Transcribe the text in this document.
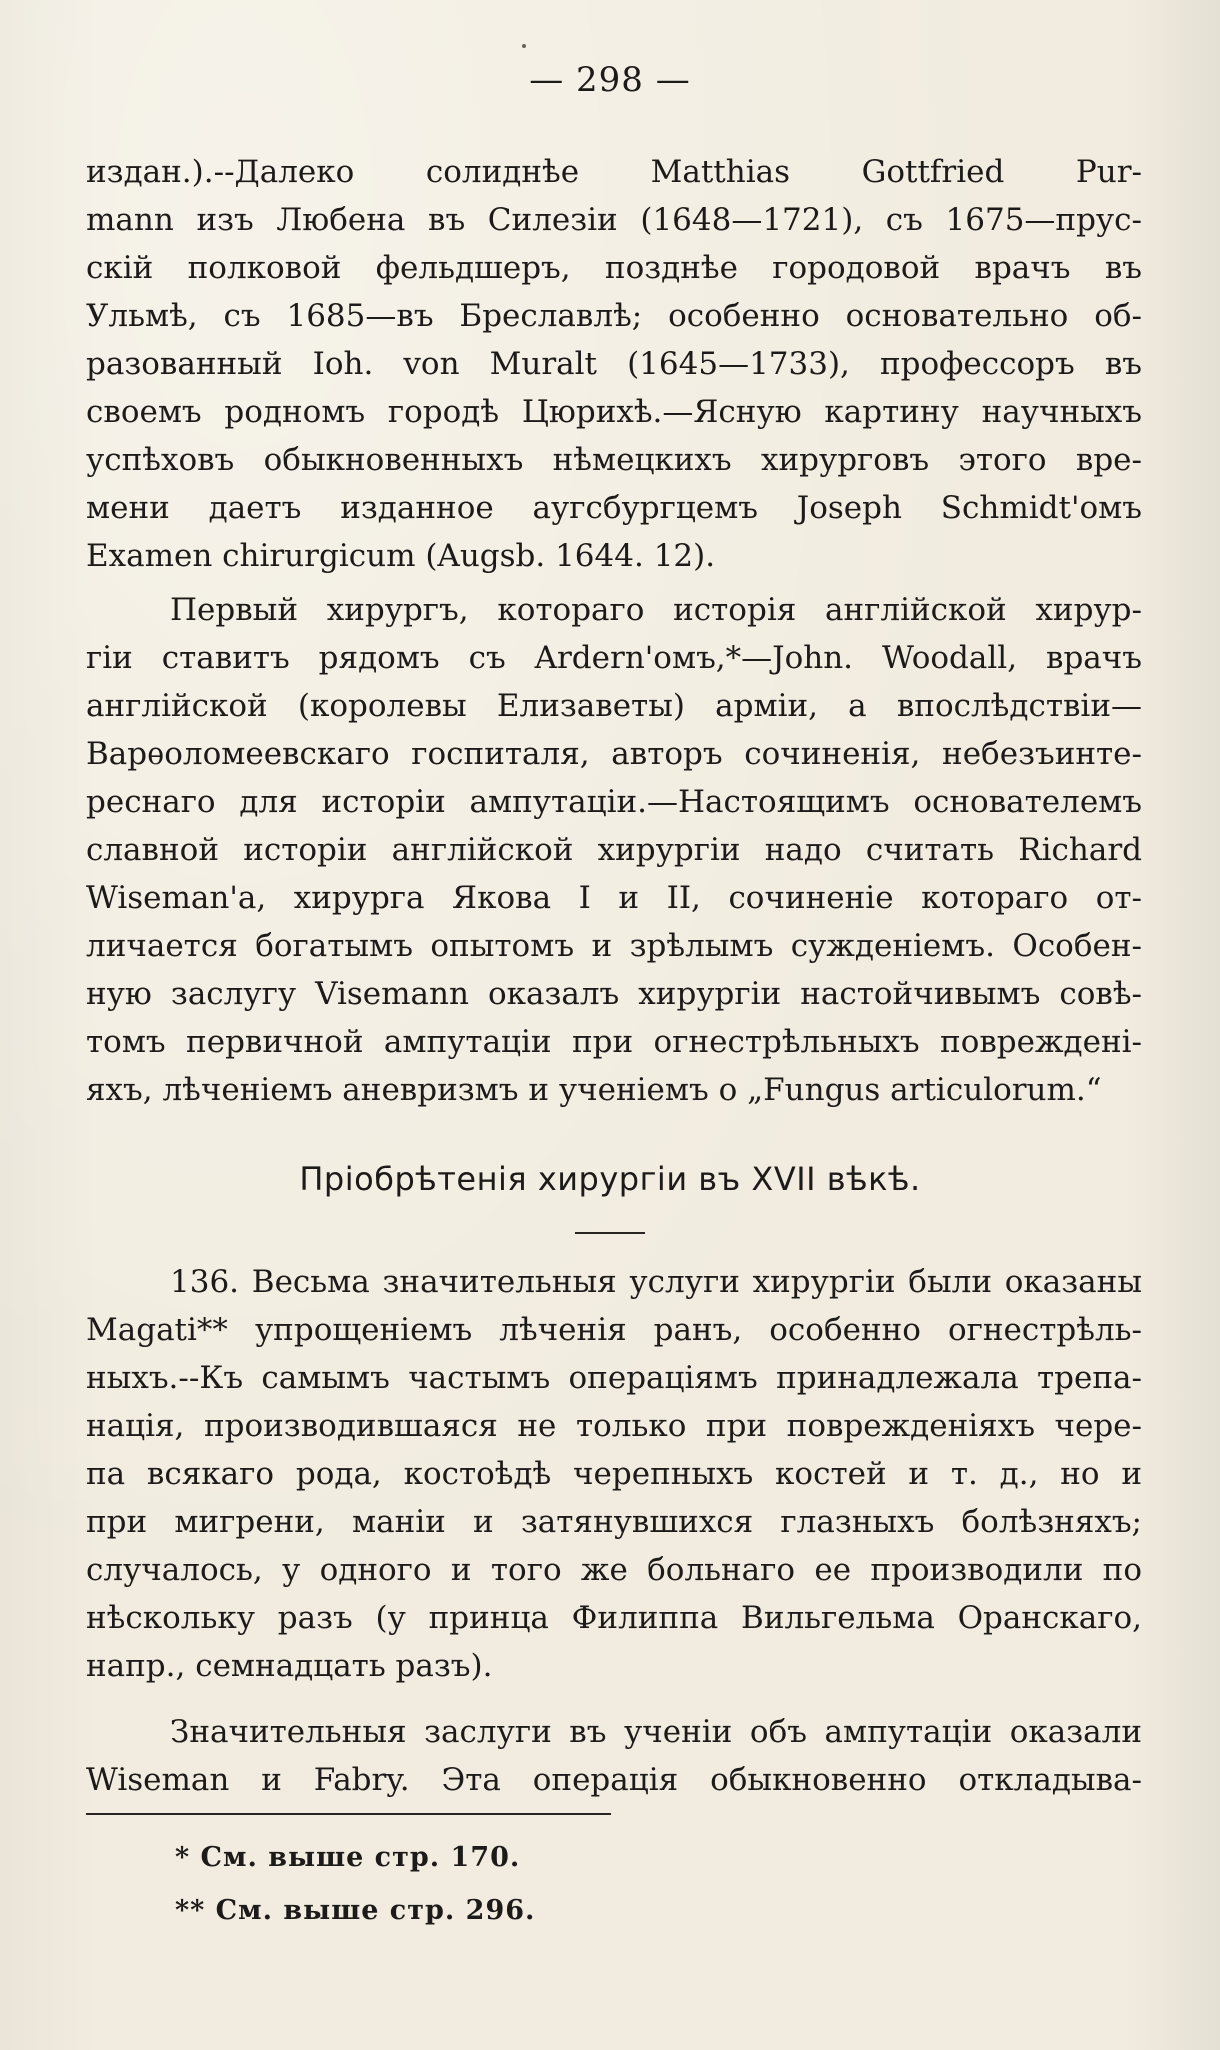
— 298 —
издан.).--Далеко солиднѣе Matthias Gottfried Pur-
mann изъ Любена въ Силезіи (1648—1721), съ 1675—прус-
скій полковой фельдшеръ, позднѣе городовой врачъ въ
Ульмѣ, съ 1685—въ Бреславлѣ; особенно основательно об-
разованный Ioh. von Muralt (1645—1733), профессоръ въ
своемъ родномъ городѣ Цюрихѣ.—Ясную картину научныхъ
успѣховъ обыкновенныхъ нѣмецкихъ хирурговъ этого вре-
мени даетъ изданное аугсбургцемъ Joseph Schmidt'омъ
Examen chirurgicum (Augsb. 1644. 12).
Первый хирургъ, котораго исторія англійской хирур-
гіи ставитъ рядомъ съ Ardern'омъ,*—John. Woodall, врачъ
англійской (королевы Елизаветы) арміи, а впослѣдствіи—
Варѳоломеевскаго госпиталя, авторъ сочиненія, небезъинте-
реснаго для исторіи ампутаціи.—Настоящимъ основателемъ
славной исторіи англійской хирургіи надо считать Richard
Wiseman'а, хирурга Якова I и II, сочиненіе котораго от-
личается богатымъ опытомъ и зрѣлымъ сужденіемъ. Особен-
ную заслугу Visemann оказалъ хирургіи настойчивымъ совѣ-
томъ первичной ампутаціи при огнестрѣльныхъ поврежденi-
яхъ, лѣченіемъ аневризмъ и ученіемъ о „Fungus articulorum.“
Пріобрѣтенія хирургіи въ XVII вѣкѣ.
136. Весьма значительныя услуги хирургіи были оказаны
Magati** упрощеніемъ лѣченія ранъ, особенно огнестрѣль-
ныхъ.--Къ самымъ частымъ операціямъ принадлежала трепа-
нація, производившаяся не только при поврежденiяхъ чере-
па всякаго рода, костоѣдѣ черепныхъ костей и т. д., но и
при мигрени, маніи и затянувшихся глазныхъ болѣзняхъ;
случалось, у одного и того же больнаго ее производили по
нѣскольку разъ (у принца Филиппа Вильгельма Оранскаго,
напр., семнадцать разъ).
Значительныя заслуги въ ученіи объ ампутаціи оказали
Wiseman и Fabry. Эта операція обыкновенно откладыва-
* См. выше стр. 170.
** См. выше стр. 296.
